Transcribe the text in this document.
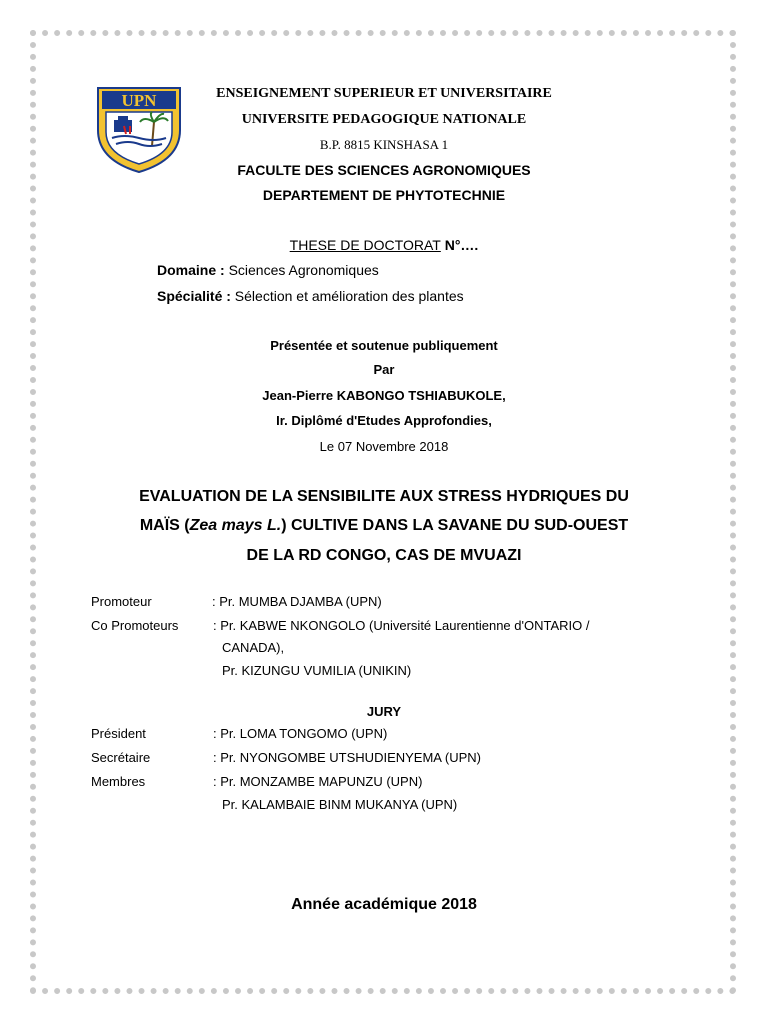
UPN	ENSEIGNEMENT SUPERIEUR ET UNIVERSITAIRE
UNIVERSITE PEDAGOGIQUE NATIONALE
B.P. 8815 KINSHASA 1
FACULTE DES SCIENCES AGRONOMIQUES
DEPARTEMENT DE PHYTOTECHNIE
THESE DE DOCTORAT N°….
Domaine : Sciences Agronomiques
Spécialité : Sélection et amélioration des plantes
Présentée et soutenue publiquement
Par
Jean-Pierre KABONGO TSHIABUKOLE,
Ir. Diplômé d'Etudes Approfondies,
Le 07 Novembre 2018
EVALUATION DE LA SENSIBILITE AUX STRESS HYDRIQUES DU
MAÏS (Zea mays L.) CULTIVE DANS LA SAVANE DU SUD-OUEST
DE LA RD CONGO, CAS DE MVUAZI
Promoteur	: Pr. MUMBA DJAMBA (UPN)
Co Promoteurs	: Pr. KABWE NKONGOLO (Université Laurentienne d'ONTARIO /
CANADA),
Pr. KIZUNGU VUMILIA (UNIKIN)
JURY
Président	: Pr. LOMA TONGOMO (UPN)
Secrétaire	: Pr. NYONGOMBE UTSHUDIENYEMA (UPN)
Membres	: Pr. MONZAMBE MAPUNZU (UPN)
Pr. KALAMBAIE BINM MUKANYA (UPN)
Année académique 2018
